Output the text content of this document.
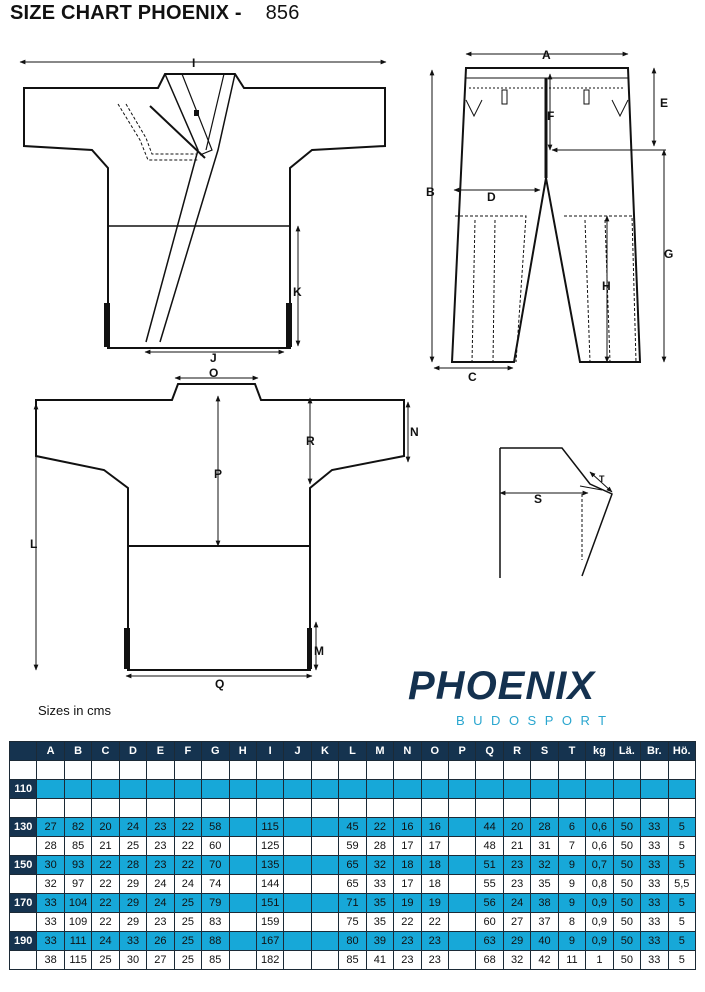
SIZE CHART PHOENIX - 856
I
J
K
A
B
C
D
E
F
G
H
O
P
R
N
L
M
Q
S
T
Sizes in cms
PHOENIX
BUDOSPORT
	A	B	C	D	E	F	G	H	I	J	K	L	M	N	O	P	Q	R	S	T	kg	Lä.	Br.	Hö.
100																								
110																								
120																								
130	27	82	20	24	23	22	58		115			45	22	16	16		44	20	28	6	0,6	50	33	5
140	28	85	21	25	23	22	60		125			59	28	17	17		48	21	31	7	0,6	50	33	5
150	30	93	22	28	23	22	70		135			65	32	18	18		51	23	32	9	0,7	50	33	5
160	32	97	22	29	24	24	74		144			65	33	17	18		55	23	35	9	0,8	50	33	5,5
170	33	104	22	29	24	25	79		151			71	35	19	19		56	24	38	9	0,9	50	33	5
180	33	109	22	29	23	25	83		159			75	35	22	22		60	27	37	8	0,9	50	33	5
190	33	111	24	33	26	25	88		167			80	39	23	23		63	29	40	9	0,9	50	33	5
200	38	115	25	30	27	25	85		182			85	41	23	23		68	32	42	11	1	50	33	5
